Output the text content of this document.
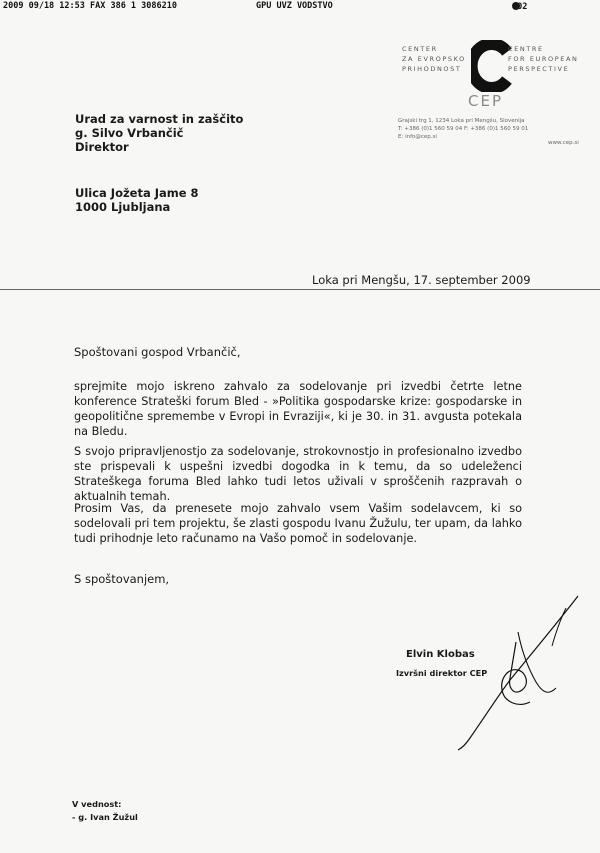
2009 09/18 12:53 FAX 386 1 3086210	GPU UVZ VODSTVO	002
CENTER
ZA EVROPSKO
PRIHODNOST
CENTRE
FOR EUROPEAN
PERSPECTIVE
CEP
Grajski trg 1, 1234 Loka pri Mengšu, Slovenija
T: +386 (0)1 560 59 04 F: +386 (0)1 560 59 01
E: info@cep.si
www.cep.si
Urad za varnost in zaščito
g. Silvo Vrbančič
Direktor
Ulica Jožeta Jame 8
1000 Ljubljana
Loka pri Mengšu, 17. september 2009
Spoštovani gospod Vrbančič,
sprejmite mojo iskreno zahvalo za sodelovanje pri izvedbi četrte letne konference Strateški forum Bled - »Politika gospodarske krize: gospodarske in geopolitične spremembe v Evropi in Evraziji«, ki je 30. in 31. avgusta potekala na Bledu.
S svojo pripravljenostjo za sodelovanje, strokovnostjo in profesionalno izvedbo ste prispevali k uspešni izvedbi dogodka in k temu, da so udeleženci Strateškega foruma Bled lahko tudi letos uživali v sproščenih razpravah o aktualnih temah.
Prosim Vas, da prenesete mojo zahvalo vsem Vašim sodelavcem, ki so sodelovali pri tem projektu, še zlasti gospodu Ivanu Žužulu, ter upam, da lahko tudi prihodnje leto računamo na Vašo pomoč in sodelovanje.
S spoštovanjem,
Elvin Klobas
Izvršni direktor CEP
V vednost:
- g. Ivan Žužul
